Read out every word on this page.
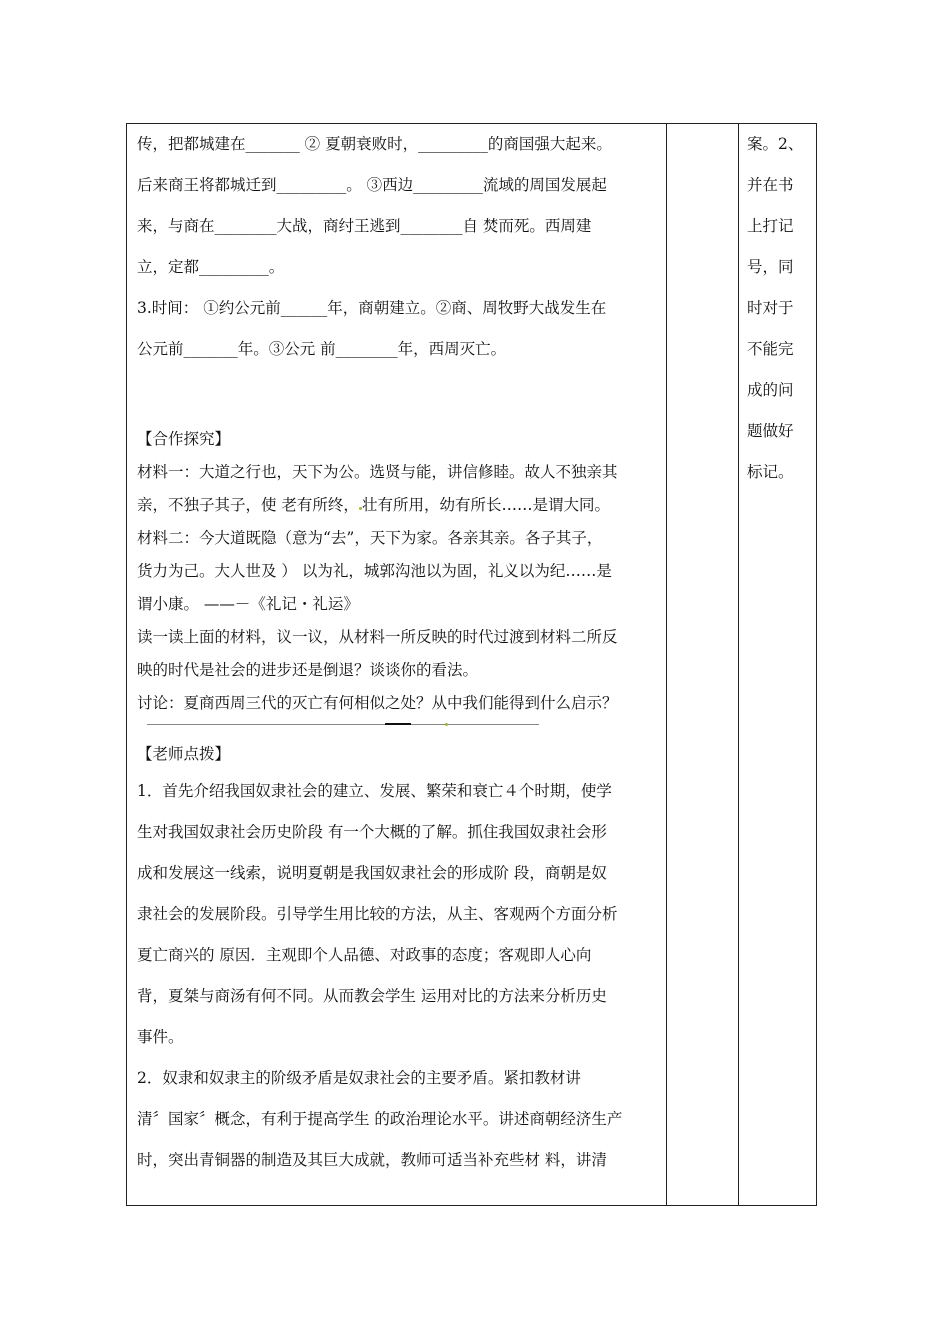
传，把都城建在_______ ② 夏朝衰败时，_________的商国强大起来。

后来商王将都城迁到_________。 ③西边_________流域的周国发展起

来，与商在________大战，商纣王逃到________自 焚而死。西周建

立，定都_________。

3.时间： ①约公元前______年，商朝建立。②商、周牧野大战发生在

公元前_______年。③公元 前________年，西周灭亡。

【合作探究】

材料一：大道之行也，天下为公。选贤与能，讲信修睦。故人不独亲其

亲，不独子其子，使 老有所终， 壮有所用，幼有所长……是谓大同。

材料二：今大道既隐（意为“去”，天下为家。各亲其亲。各子其子，

货力为己。大人世及 ） 以为礼，城郭沟池以为固，礼义以为纪……是

谓小康。 ——－《礼记・礼运》

读一读上面的材料，议一议，从材料一所反映的时代过渡到材料二所反

映的时代是社会的进步还是倒退？谈谈你的看法。

讨论：夏商西周三代的灭亡有何相似之处？从中我们能得到什么启示？

【老师点拨】

1．首先介绍我国奴隶社会的建立、发展、繁荣和衰亡４个时期，使学

生对我国奴隶社会历史阶段 有一个大概的了解。抓住我国奴隶社会形

成和发展这一线索，说明夏朝是我国奴隶社会的形成阶 段，商朝是奴

隶社会的发展阶段。引导学生用比较的方法，从主、客观两个方面分析

夏亡商兴的 原因．主观即个人品德、对政事的态度；客观即人心向

背，夏桀与商汤有何不同。从而教会学生 运用对比的方法来分析历史

事件。

2．奴隶和奴隶主的阶级矛盾是奴隶社会的主要矛盾。紧扣教材讲

清〞国家〞概念，有利于提高学生 的政治理论水平。讲述商朝经济生产

时，突出青铜器的制造及其巨大成就，教师可适当补充些材 料，讲清

案。2、

并在书

上打记

号，同

时对于

不能完

成的问

题做好

标记。
